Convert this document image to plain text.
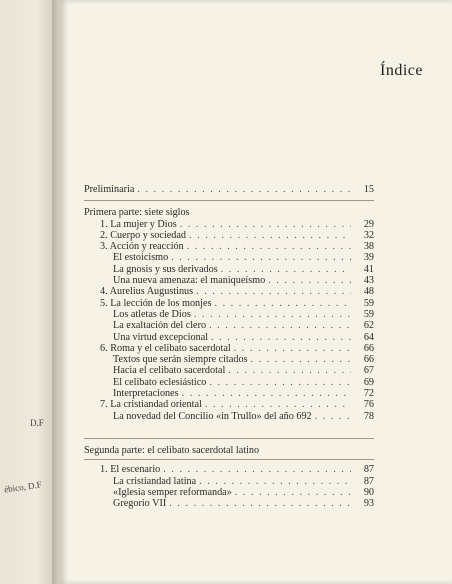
D.F
ébico, D.F
Índice
Preliminaria . . .	15
Primera parte: siete siglos
1. La mujer y Dios . . .	29
2. Cuerpo y sociedad . . .	32
3. Acción y reacción . . .	38
El estoicismo . . .	39
La gnosis y sus derivados . . .	41
Una nueva amenaza: el maniqueísmo . . .	43
4. Aurelius Augustinus . . .	48
5. La lección de los monjes . . .	59
Los atletas de Dios . . .	59
La exaltación del clero . . .	62
Una virtud excepcional . . .	64
6. Roma y el celibato sacerdotal . . .	66
Textos que serán siempre citados . . .	66
Hacia el celibato sacerdotal . . .	67
El celibato eclesiástico . . .	69
Interpretaciones . . .	72
7. La cristiandad oriental . . .	76
La novedad del Concilio «in Trullo» del año 692 . . .	78
Segunda parte: el celibato sacerdotal latino
1. El escenario . . .	87
La cristiandad latina . . .	87
«Iglesia semper reformanda» . . .	90
Gregorio VII . . .	93
